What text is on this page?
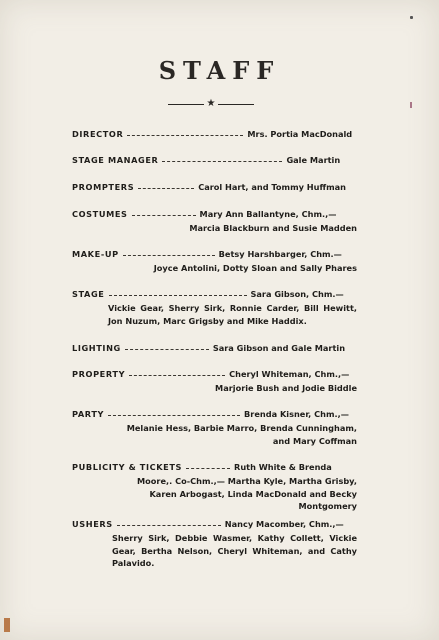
STAFF
★
DIRECTOR	Mrs. Portia MacDonald
STAGE MANAGER	Gale Martin
PROMPTERS	Carol Hart, and Tommy Huffman
COSTUMES	Mary Ann Ballantyne, Chm.,—
Marcia Blackburn and Susie Madden
MAKE-UP	Betsy Harshbarger, Chm.—
Joyce Antolini, Dotty Sloan and Sally Phares
STAGE	Sara Gibson, Chm.—
Vickie Gear, Sherry Sirk, Ronnie Carder, Bill Hewitt, Jon Nuzum, Marc Grigsby and Mike Haddix.
LIGHTING	Sara Gibson and Gale Martin
PROPERTY	Cheryl Whiteman, Chm.,—
Marjorie Bush and Jodie Biddle
PARTY	Brenda Kisner, Chm.,—
Melanie Hess, Barbie Marro, Brenda Cunningham, and Mary Coffman
PUBLICITY & TICKETS	Ruth White & Brenda
Moore,. Co-Chm.,— Martha Kyle, Martha Grisby, Karen Arbogast, Linda MacDonald and Becky Montgomery
USHERS	Nancy Macomber, Chm.,—
Sherry Sirk, Debbie Wasmer, Kathy Collett, Vickie Gear, Bertha Nelson, Cheryl Whiteman, and Cathy Palavido.
